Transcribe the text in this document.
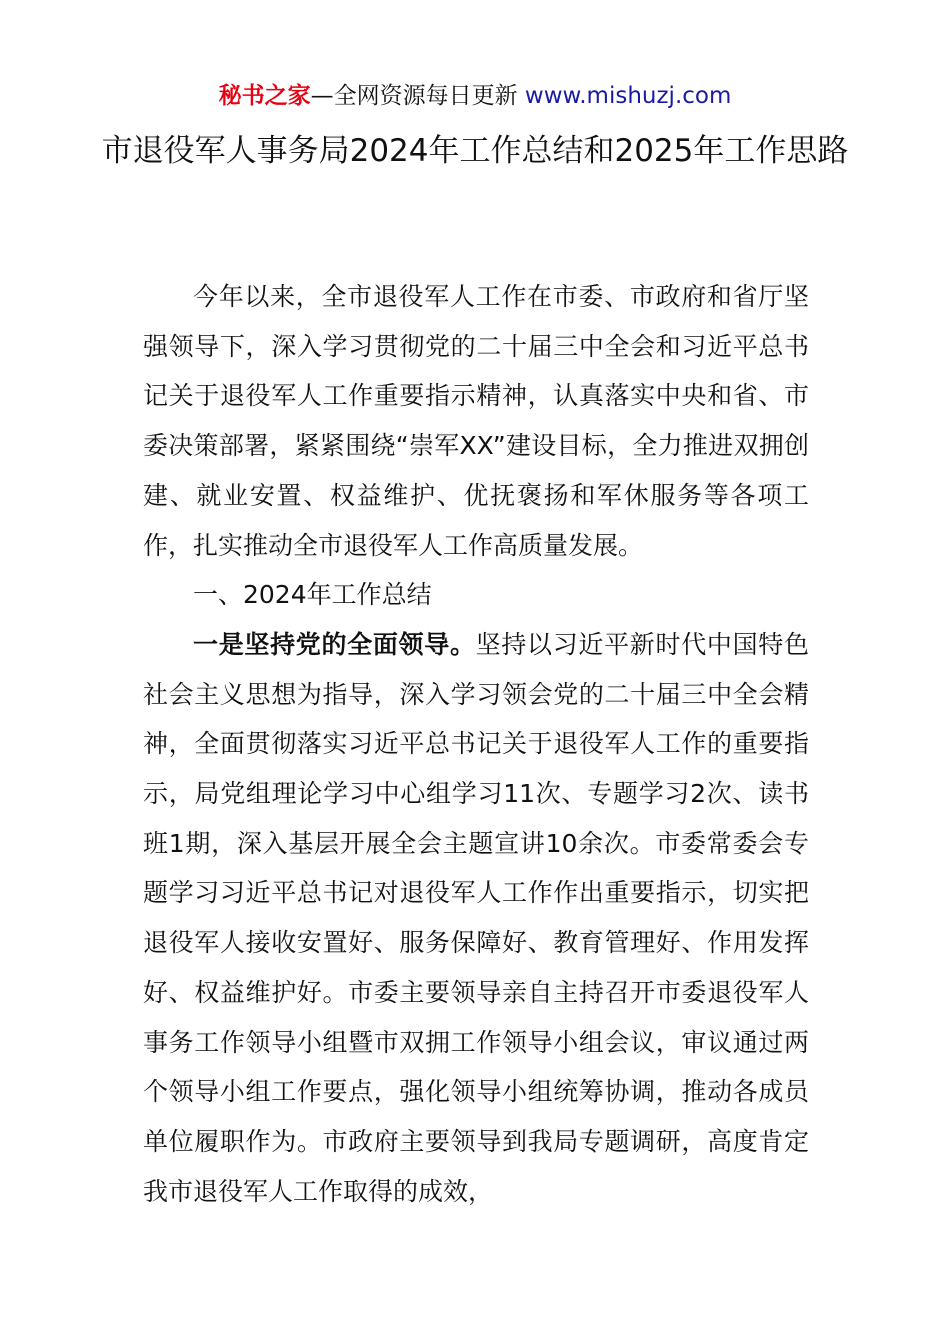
秘书之家—全网资源每日更新 www.mishuzj.com
市退役军人事务局2024年工作总结和2025年工作思路

今年以来，全市退役军人工作在市委、市政府和省厅坚强领导下，深入学习贯彻党的二十届三中全会和习近平总书记关于退役军人工作重要指示精神，认真落实中央和省、市委决策部署，紧紧围绕“崇军XX”建设目标，全力推进双拥创建、就业安置、权益维护、优抚褒扬和军休服务等各项工作，扎实推动全市退役军人工作高质量发展。

一、2024年工作总结

一是坚持党的全面领导。坚持以习近平新时代中国特色社会主义思想为指导，深入学习领会党的二十届三中全会精神，全面贯彻落实习近平总书记关于退役军人工作的重要指示，局党组理论学习中心组学习11次、专题学习2次、读书班1期，深入基层开展全会主题宣讲10余次。市委常委会专题学习习近平总书记对退役军人工作作出重要指示，切实把退役军人接收安置好、服务保障好、教育管理好、作用发挥好、权益维护好。市委主要领导亲自主持召开市委退役军人事务工作领导小组暨市双拥工作领导小组会议，审议通过两个领导小组工作要点，强化领导小组统筹协调，推动各成员单位履职作为。市政府主要领导到我局专题调研，高度肯定我市退役军人工作取得的成效，
